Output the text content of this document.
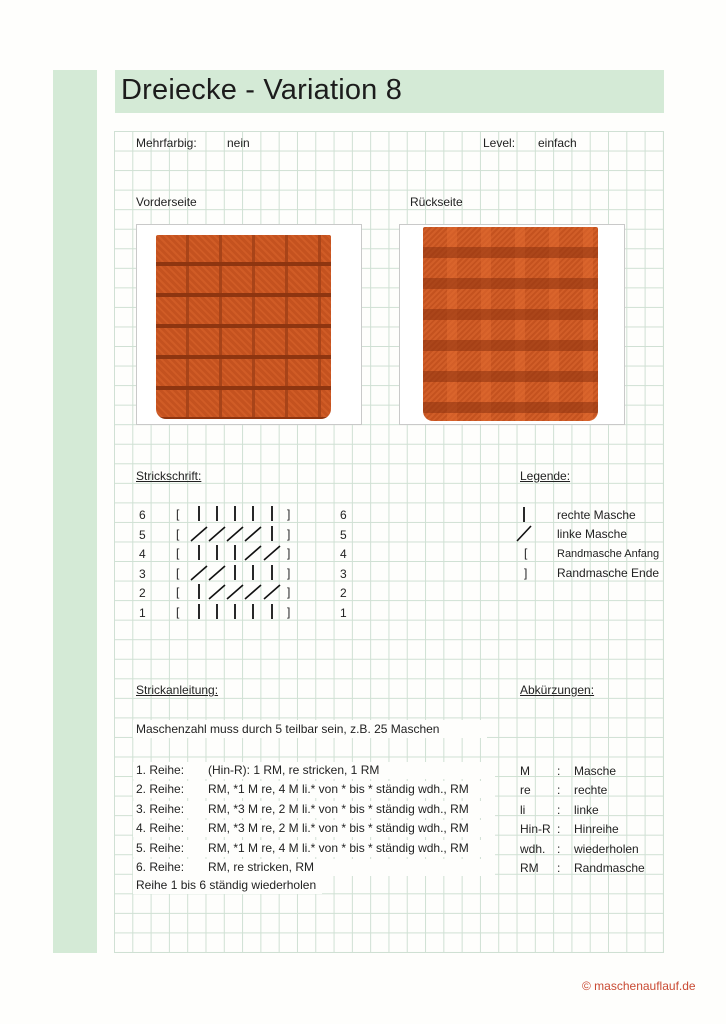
Dreiecke - Variation 8
Mehrfarbig:	nein	Level: einfach
Vorderseite	Rückseite
Strickschrift:	Legende:
6	[	]	6
5	[	]	5
4	[	]	4
3	[	]	3
2	[	]	2
1	[	]	1
rechte Masche
linke Masche
[	Randmasche Anfang
] Randmasche Ende
Strickanleitung:	Abkürzungen:
Maschenzahl muss durch 5 teilbar sein, z.B. 25 Maschen
1. Reihe:	(Hin-R): 1 RM, re stricken, 1 RM
2. Reihe:	RM, *1 M re, 4 M li.* von * bis * ständig wdh., RM
3. Reihe:	RM, *3 M re, 2 M li.* von * bis * ständig wdh., RM
4. Reihe:	RM, *3 M re, 2 M li.* von * bis * ständig wdh., RM
5. Reihe:	RM, *1 M re, 4 M li.* von * bis * ständig wdh., RM
6. Reihe:	RM, re stricken, RM
Reihe 1 bis 6 ständig wiederholen
M : Masche
re : rechte
li	: linke
Hin-R : Hinreihe
wdh. : wiederholen
RM : Randmasche
© maschenauflauf.de
